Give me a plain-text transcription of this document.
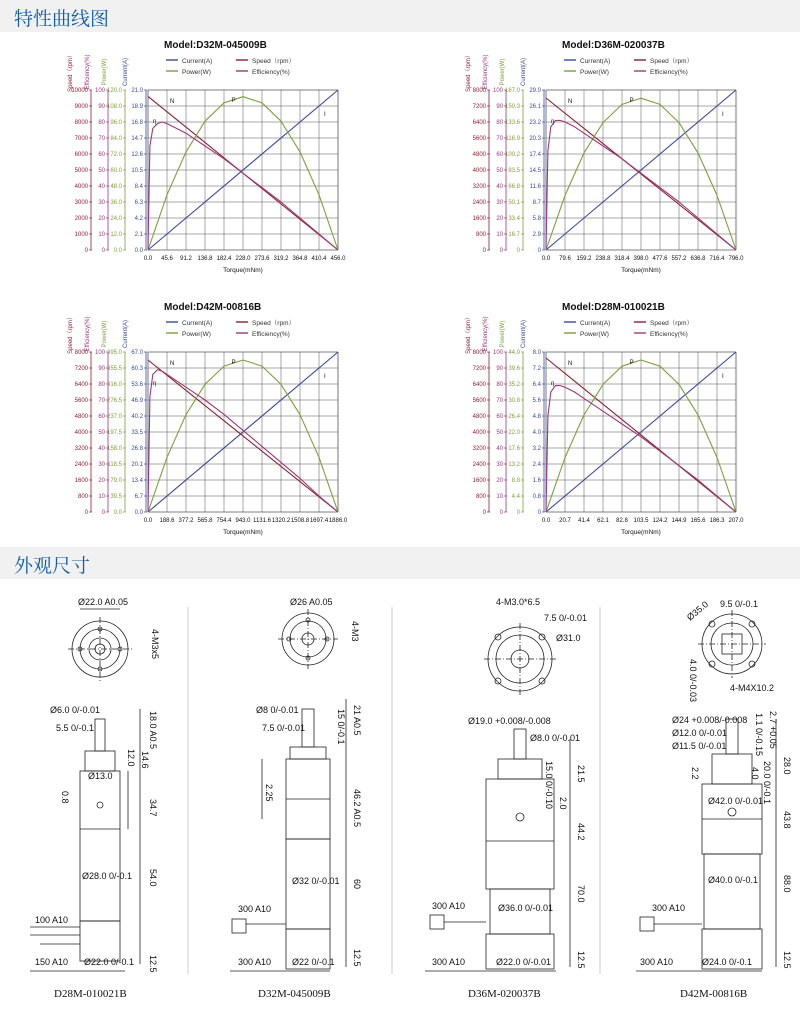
特性曲线图
Model:D32M-045009B
Current(A)	Speed（rpm）
Power(W)	Efficiency(%)
0
1000
2000
3000
4000
5000
6000
7000
8000
9000
10000
Speed（rpm）
0
10
20
30
40
50
60
70
80
90
100
Efficiency(%)
0.0
12.0
24.0
36.0
48.0
60.0
72.0
84.0
96.0
108.0
120.0
Power(W)
0.0
2.1
4.2
6.3
8.4
10.5
12.6
14.7
16.8
18.9
21.0
Current(A)
0.0 45.6 91.2 136.8 182.4 228.0 273.6 319.2 364.8 410.4 456.0
Torque(mNm)
N	P
I
η
Model:D36M-020037B
Current(A)	Speed（rpm）
Power(W)	Efficiency(%)
0
800
1600
2400
3200
4000
4800
5600
6400
7200
8000
Speed（rpm）
0
10
20
30
40
50
60
70
80
90
100
Efficiency(%)
0
16.7
33.4
50.1
66.8
83.5
100.2
116.9
133.6
150.3
167.0
Power(W)
0
2.9
5.8
8.7
11.6
14.5
17.4
20.3
23.2
26.1
29.0
Current(A)
0.0 79.6 159.2 238.8 318.4 398.0 477.6 557.2 636.8 716.4 796.0
Torque(mNm)
N	P
I
η
Model:D42M-00816B
Current(A)	Speed（rpm）
Power(W)	Efficiency(%)
0
800
1600
2400
3200
4000
4800
5600
6400
7200
8000
Speed（rpm）
0
10
20
30
40
50
60
70
80
90
100
Efficiency(%)
0.0
39.5
79.0
118.5
158.0
197.5
237.0
276.5
316.0
355.5
395.0
Power(W)
0.0
6.7
13.4
20.1
26.8
33.5
40.2
46.9
53.6
60.3
67.0
Current(A)
0.0 188.6 377.2 565.8 754.4 943.0 1131.6 1320.2 1508.8 1697.4 1886.0
Torque(mNm)
N	P
I
η
Model:D28M-010021B
Current(A)	Speed（rpm）
Power(W)	Efficiency(%)
0
800
1600
2400
3200
4000
4800
5600
6400
7200
8000
Speed（rpm）
0
10
20
30
40
50
60
70
80
90
100
Efficiency(%)
0
4.4
8.8
13.2
17.6
22.0
26.4
30.8
35.2
39.6
44.0
Power(W)
0
0.8
1.6
2.4
3.2
4.0
4.8
5.6
6.4
7.2
8.0
Current(A)
0.0 20.7 41.4 62.1 82.8 103.5 124.2 144.9 165.6 186.3 207.0
Torque(mNm)
N	P
I
η
外观尺寸
Ø22.0 A0.05
4-M3x5
Ø6.0 0/-0.01
5.5 0/-0.1	18.0 A0.5
14.6
12.0
0.8
Ø13.0
34.7
Ø28.0 0/-0.1 54.0
100 A10
150 A10 Ø22.0 0/-0.1 12.5
D28M-010021B
Ø26 A0.05
4-M3
Ø8 0/-0.01
7.5 0/-0.01	15 0/-0.1 21 A0.5
2.25	46.2 A0.5
Ø32 0/-0.01 60
300 A10
300 A10 Ø22 0/-0.1 12.5
D32M-045009B
4-M3.0*6.5
7.5 0/-0.01
Ø31.0
Ø19.0 +0.008/-0.008
Ø8.0 0/-0.01
15.0 0/-0.10 21.5
2.0
44.2
70.0
300 A10	Ø36.0 0/-0.01
300 A10	Ø22.0 0/-0.01	12.5
D36M-020037B
9.5 0/-0.1
Ø35.0
4.0 0/-0.03	4-M4X10.2
Ø24 +0.008/-0.008
Ø12.0 0/-0.01
Ø11.5 0/-0.01	1.1 0/-0.15 2.7 +0.05
2.2	20.0 0/-0.1
4.0 28.0
Ø42.0 0/-0.01
43.8
Ø40.0 0/-0.1	88.0
300 A10
300 A10	Ø24.0 0/-0.1	12.5
D42M-00816B
